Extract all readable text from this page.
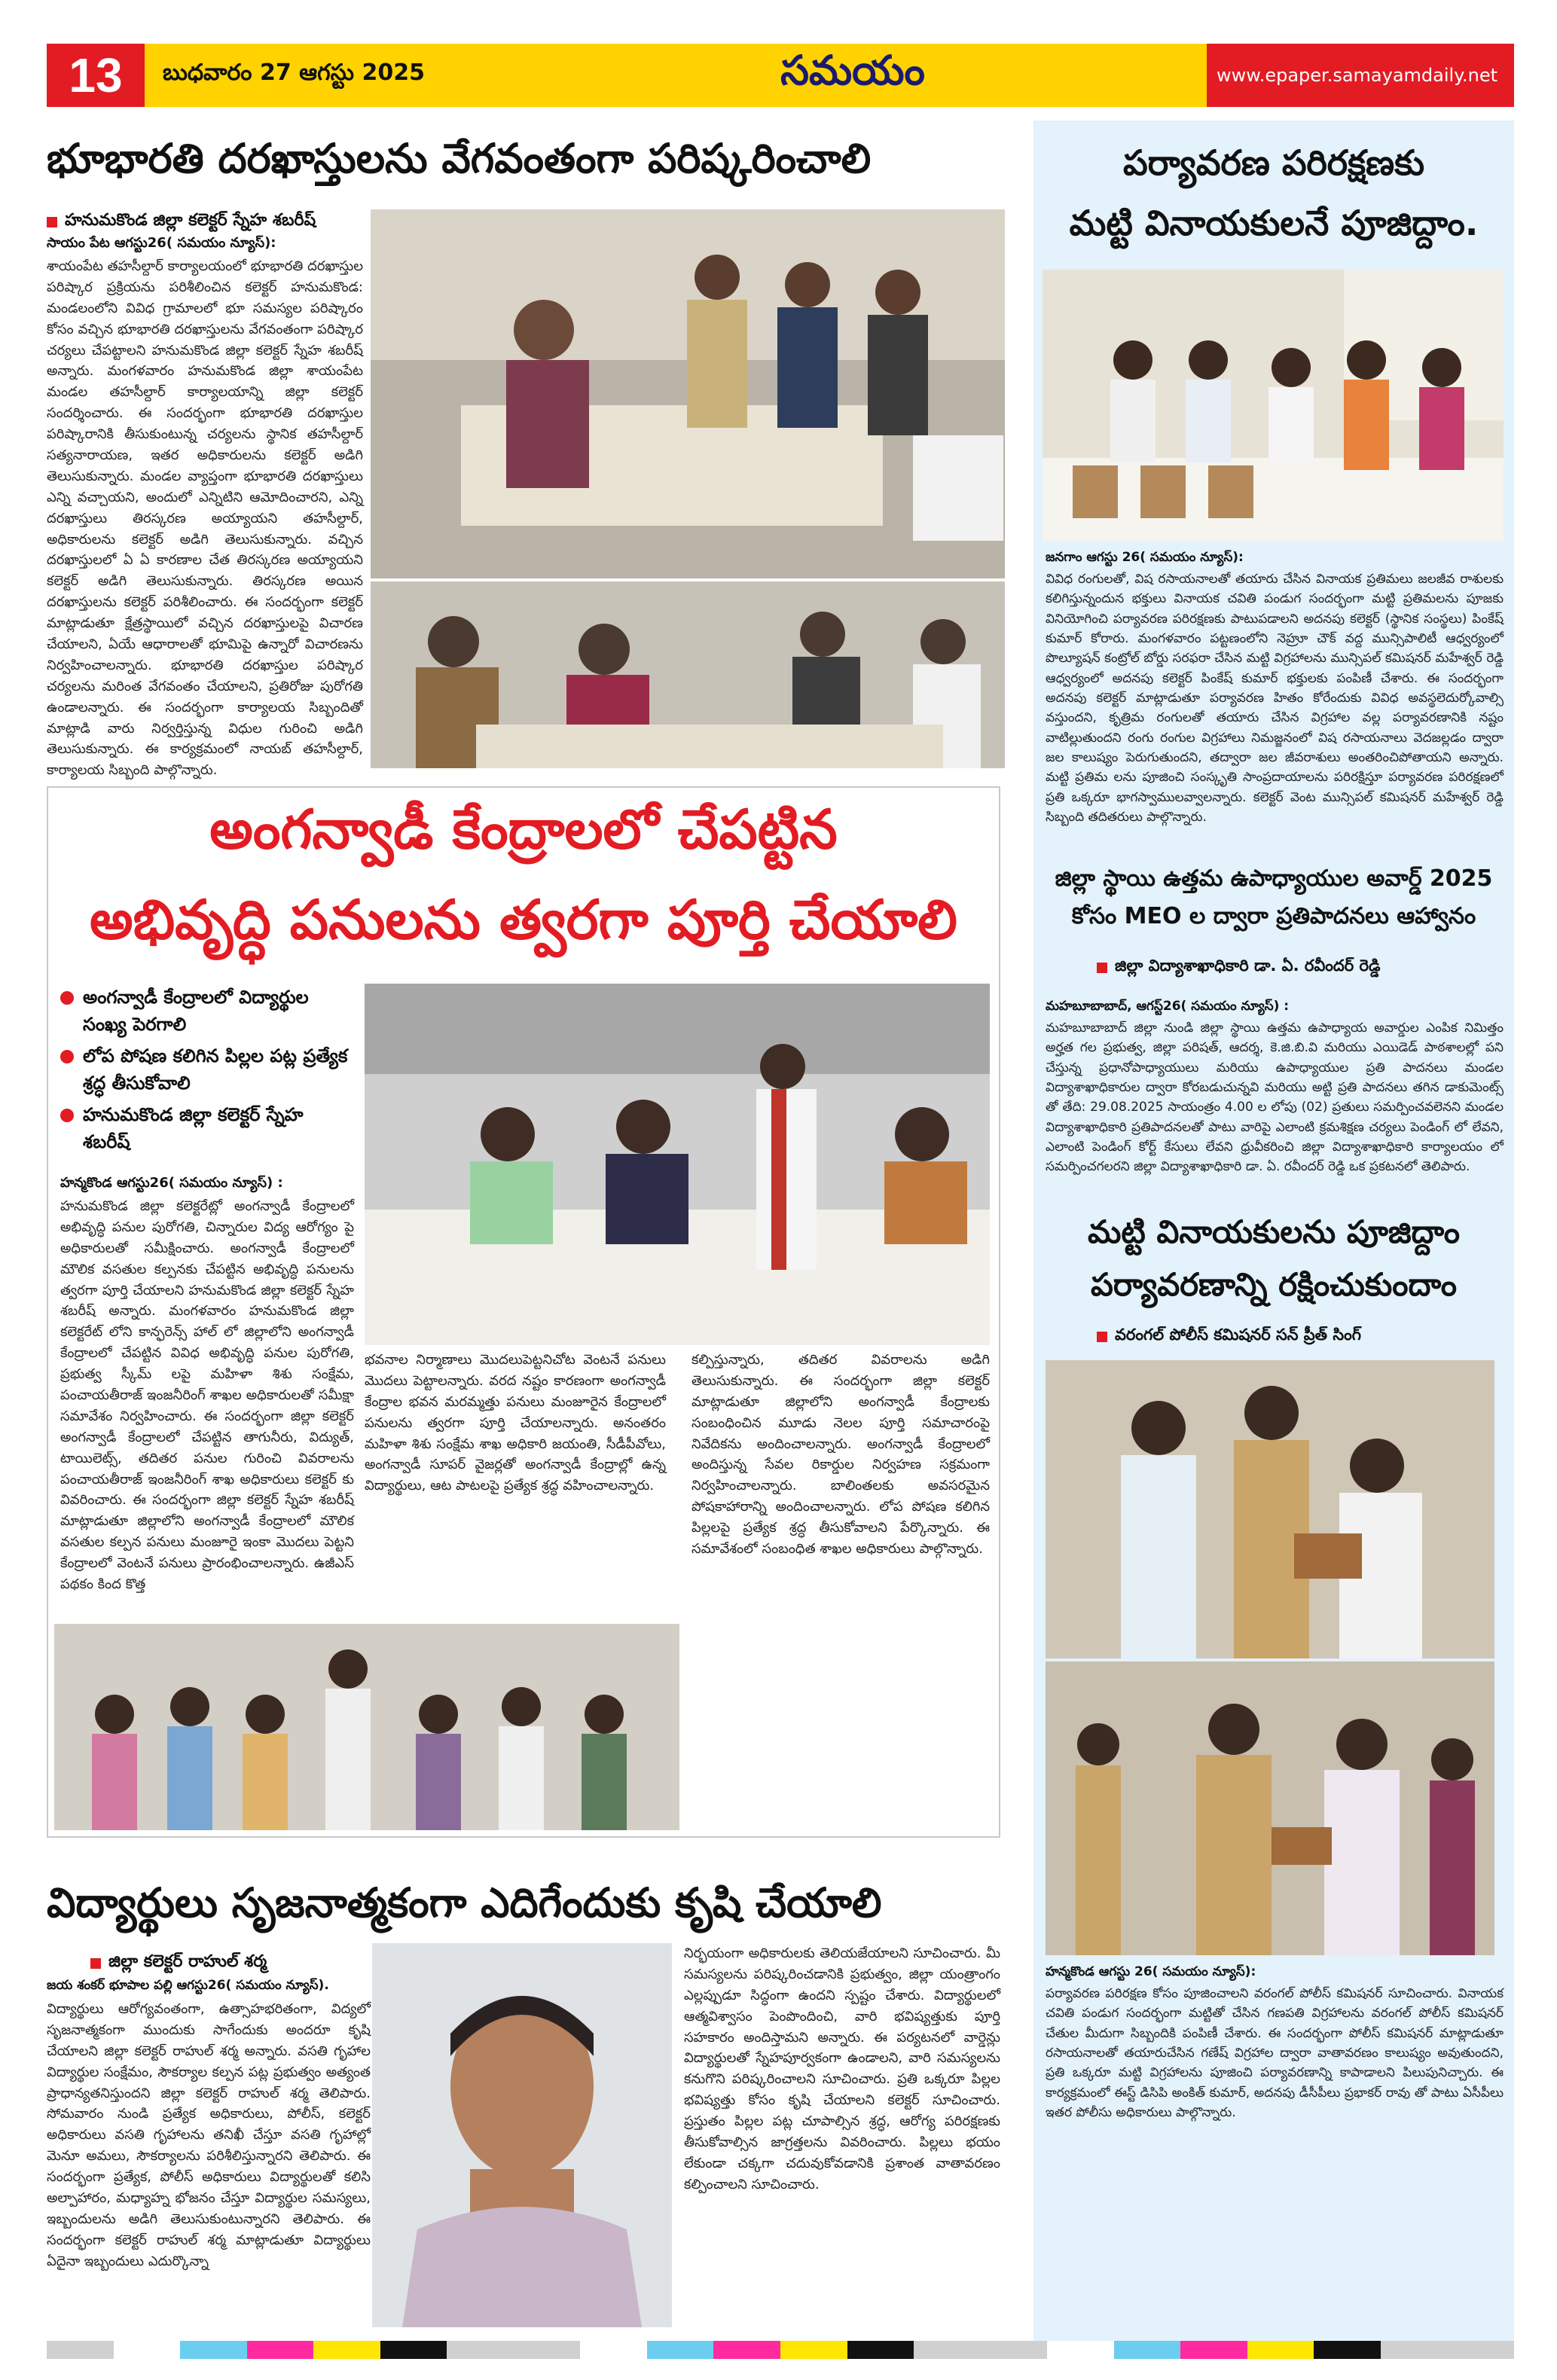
బుధవారం 27 ఆగస్టు 2025
13	సమయం	www.epaper.samayamdaily.net
భూభారతి దరఖాస్తులను వేగవంతంగా పరిష్కరించాలి
హనుమకొండ జిల్లా కలెక్టర్ స్నేహ శబరీష్
సాయం పేట ఆగస్టు26( సమయం న్యూస్):
శాయంపేట తహసీల్దార్ కార్యాలయంలో భూభారతి దరఖాస్తుల పరిష్కార ప్రక్రియను పరిశీలించిన కలెక్టర్ హనుమకొండ: మండలంలోని వివిధ గ్రామాలలో భూ సమస్యల పరిష్కారం కోసం వచ్చిన భూభారతి దరఖాస్తులను వేగవంతంగా పరిష్కార చర్యలు చేపట్టాలని హనుమకొండ జిల్లా కలెక్టర్ స్నేహ శబరీష్ అన్నారు. మంగళవారం హనుమకొండ జిల్లా శాయంపేట మండల తహసీల్దార్ కార్యాలయాన్ని జిల్లా కలెక్టర్ సందర్శించారు. ఈ సందర్భంగా భూభారతి దరఖాస్తుల పరిష్కారానికి తీసుకుంటున్న చర్యలను స్థానిక తహసీల్దార్ సత్యనారాయణ, ఇతర అధికారులను కలెక్టర్ అడిగి తెలుసుకున్నారు. మండల వ్యాప్తంగా భూభారతి దరఖాస్తులు ఎన్ని వచ్చాయని, అందులో ఎన్నిటిని ఆమోదించారని, ఎన్ని దరఖాస్తులు తిరస్కరణ అయ్యాయని తహసీల్దార్, అధికారులను కలెక్టర్ అడిగి తెలుసుకున్నారు. వచ్చిన దరఖాస్తులలో ఏ ఏ కారణాల చేత తిరస్కరణ అయ్యాయని కలెక్టర్ అడిగి తెలుసుకున్నారు. తిరస్కరణ అయిన దరఖాస్తులను కలెక్టర్ పరిశీలించారు. ఈ సందర్భంగా కలెక్టర్ మాట్లాడుతూ క్షేత్రస్థాయిలో వచ్చిన దరఖాస్తులపై విచారణ చేయాలని, ఏయే ఆధారాలతో భూమిపై ఉన్నారో విచారణను నిర్వహించాలన్నారు. భూభారతి దరఖాస్తుల పరిష్కార చర్యలను మరింత వేగవంతం చేయాలని, ప్రతిరోజు పురోగతి ఉండాలన్నారు. ఈ సందర్భంగా కార్యాలయ సిబ్బందితో మాట్లాడి వారు నిర్వర్తిస్తున్న విధుల గురించి అడిగి తెలుసుకున్నారు. ఈ కార్యక్రమంలో నాయబ్ తహసీల్దార్, కార్యాలయ సిబ్బంది పాల్గొన్నారు.
అంగన్వాడీ కేంద్రాలలో చేపట్టిన
అభివృద్ధి పనులను త్వరగా పూర్తి చేయాలి
అంగన్వాడీ కేంద్రాలలో విద్యార్థుల సంఖ్య పెరగాలి
లోప పోషణ కలిగిన పిల్లల పట్ల ప్రత్యేక శ్రద్ధ తీసుకోవాలి
హనుమకొండ జిల్లా కలెక్టర్ స్నేహ శబరీష్
హన్మకొండ ఆగస్టు26( సమయం న్యూస్) :
హనుమకొండ జిల్లా కలెక్టరేట్లో అంగన్వాడీ కేంద్రాలలో అభివృద్ధి పనుల పురోగతి, చిన్నారుల విద్య ఆరోగ్యం పై అధికారులతో సమీక్షించారు. అంగన్వాడీ కేంద్రాలలో మౌలిక వసతుల కల్పనకు చేపట్టిన అభివృద్ధి పనులను త్వరగా పూర్తి చేయాలని హనుమకొండ జిల్లా కలెక్టర్ స్నేహ శబరీష్ అన్నారు. మంగళవారం హనుమకొండ జిల్లా కలెక్టరేట్ లోని కాన్ఫరెన్స్ హాల్ లో జిల్లాలోని అంగన్వాడీ కేంద్రాలలో చేపట్టిన వివిధ అభివృద్ధి పనుల పురోగతి, ప్రభుత్వ స్కీమ్ లపై మహిళా శిశు సంక్షేమ, పంచాయతీరాజ్ ఇంజనీరింగ్ శాఖల అధికారులతో సమీక్షా సమావేశం నిర్వహించారు. ఈ సందర్భంగా జిల్లా కలెక్టర్ అంగన్వాడీ కేంద్రాలలో చేపట్టిన తాగునీరు, విద్యుత్, టాయిలెట్స్, తదితర పనుల గురించి వివరాలను పంచాయతీరాజ్ ఇంజనీరింగ్ శాఖ అధికారులు కలెక్టర్ కు వివరించారు. ఈ సందర్భంగా జిల్లా కలెక్టర్ స్నేహ శబరీష్ మాట్లాడుతూ జిల్లాలోని అంగన్వాడీ కేంద్రాలలో మౌలిక వసతుల కల్పన పనులు మంజూరై ఇంకా మొదలు పెట్టని కేంద్రాలలో వెంటనే పనులు ప్రారంభించాలన్నారు. ఉజీఎస్ పథకం కింద కొత్త
భవనాల నిర్మాణాలు మొదలుపెట్టనిచోట వెంటనే పనులు మొదలు పెట్టాలన్నారు. వరద నష్టం కారణంగా అంగన్వాడీ కేంద్రాల భవన మరమ్మత్తు పనులు మంజూరైన కేంద్రాలలో పనులను త్వరగా పూర్తి చేయాలన్నారు. అనంతరం మహిళా శిశు సంక్షేమ శాఖ అధికారి జయంతి, సీడీపీవోలు, అంగన్వాడీ సూపర్ వైజర్లతో అంగన్వాడీ కేంద్రాల్లో ఉన్న విద్యార్థులు, ఆట పాటలపై ప్రత్యేక శ్రద్ధ వహించాలన్నారు.
కల్పిస్తున్నారు, తదితర వివరాలను అడిగి తెలుసుకున్నారు. ఈ సందర్భంగా జిల్లా కలెక్టర్ మాట్లాడుతూ జిల్లాలోని అంగన్వాడీ కేంద్రాలకు సంబంధించిన మూడు నెలల పూర్తి సమాచారంపై నివేదికను అందించాలన్నారు. అంగన్వాడీ కేంద్రాలలో అందిస్తున్న సేవల రికార్డుల నిర్వహణ సక్రమంగా నిర్వహించాలన్నారు. బాలింతలకు అవసరమైన పోషకాహారాన్ని అందించాలన్నారు. లోప పోషణ కలిగిన పిల్లలపై ప్రత్యేక శ్రద్ధ తీసుకోవాలని పేర్కొన్నారు. ఈ సమావేశంలో సంబంధిత శాఖల అధికారులు పాల్గొన్నారు.
విద్యార్థులు సృజనాత్మకంగా ఎదిగేందుకు కృషి చేయాలి
జిల్లా కలెక్టర్ రాహుల్ శర్మ
జయ శంకర్ భూపాల పల్లి ఆగస్టు26( సమయం న్యూస్).
విద్యార్థులు ఆరోగ్యవంతంగా, ఉత్సాహభరితంగా, విద్యలో సృజనాత్మకంగా ముందుకు సాగేందుకు అందరూ కృషి చేయాలని జిల్లా కలెక్టర్ రాహుల్ శర్మ అన్నారు. వసతి గృహాల విద్యార్థుల సంక్షేమం, సౌకర్యాల కల్పన పట్ల ప్రభుత్వం అత్యంత ప్రాధాన్యతనిస్తుందని జిల్లా కలెక్టర్ రాహుల్ శర్మ తెలిపారు. సోమవారం నుండి ప్రత్యేక అధికారులు, పోలీస్, కలెక్టర్ అధికారులు వసతి గృహాలను తనిఖీ చేస్తూ వసతి గృహాల్లో మెనూ అమలు, సౌకర్యాలను పరిశీలిస్తున్నారని తెలిపారు. ఈ సందర్భంగా ప్రత్యేక, పోలీస్ అధికారులు విద్యార్థులతో కలిసి అల్పాహారం, మధ్యాహ్న భోజనం చేస్తూ విద్యార్థుల సమస్యలు, ఇబ్బందులను అడిగి తెలుసుకుంటున్నారని తెలిపారు. ఈ సందర్భంగా కలెక్టర్ రాహుల్ శర్మ మాట్లాడుతూ విద్యార్థులు ఏదైనా ఇబ్బందులు ఎదుర్కొన్నా
నిర్భయంగా అధికారులకు తెలియజేయాలని సూచించారు. మీ సమస్యలను పరిష్కరించడానికి ప్రభుత్వం, జిల్లా యంత్రాంగం ఎల్లప్పుడూ సిద్ధంగా ఉందని స్పష్టం చేశారు. విద్యార్థులలో ఆత్మవిశ్వాసం పెంపొందించి, వారి భవిష్యత్తుకు పూర్తి సహకారం అందిస్తామని అన్నారు. ఈ పర్యటనలో వార్డెన్లు విద్యార్థులతో స్నేహపూర్వకంగా ఉండాలని, వారి సమస్యలను కనుగొని పరిష్కరించాలని సూచించారు. ప్రతి ఒక్కరూ పిల్లల భవిష్యత్తు కోసం కృషి చేయాలని కలెక్టర్ సూచించారు. ప్రస్తుతం పిల్లల పట్ల చూపాల్సిన శ్రద్ధ, ఆరోగ్య పరిరక్షణకు తీసుకోవాల్సిన జాగ్రత్తలను వివరించారు. పిల్లలు భయం లేకుండా చక్కగా చదువుకోవడానికి ప్రశాంత వాతావరణం కల్పించాలని సూచించారు.
పర్యావరణ పరిరక్షణకు
మట్టి వినాయకులనే పూజిద్దాం.
జనగాం ఆగస్టు 26( సమయం న్యూస్):
వివిధ రంగులతో, విష రసాయనాలతో తయారు చేసిన వినాయక ప్రతిమలు జలజీవ రాశులకు కలిగిస్తున్నందున భక్తులు వినాయక చవితి పండుగ సందర్భంగా మట్టి ప్రతిమలను పూజకు వినియోగించి పర్యావరణ పరిరక్షణకు పాటుపడాలని అదనపు కలెక్టర్ (స్థానిక సంస్థలు) పింకేష్ కుమార్ కోరారు. మంగళవారం పట్టణంలోని నెహ్రూ చౌక్ వద్ద మున్సిపాలిటీ ఆధ్వర్యంలో పొల్యూషన్ కంట్రోల్ బోర్డు సరఫరా చేసిన మట్టి విగ్రహాలను మున్సిపల్ కమిషనర్ మహేశ్వర్ రెడ్డి ఆధ్వర్యంలో అదనపు కలెక్టర్ పింకేష్ కుమార్ భక్తులకు పంపిణీ చేశారు. ఈ సందర్భంగా అదనపు కలెక్టర్ మాట్లాడుతూ పర్యావరణ హితం కోరేందుకు వివిధ అవస్థలెదుర్కోవాల్సి వస్తుందని, కృత్రిమ రంగులతో తయారు చేసిన విగ్రహాల వల్ల పర్యావరణానికి నష్టం వాటిల్లుతుందని రంగు రంగుల విగ్రహాలు నిమజ్జనంలో విష రసాయనాలు వెదజల్లడం ద్వారా జల కాలుష్యం పెరుగుతుందని, తద్వారా జల జీవరాశులు అంతరించిపోతాయని అన్నారు. మట్టి ప్రతిమ లను పూజించి సంస్కృతి సాంప్రదాయాలను పరిరక్షిస్తూ పర్యావరణ పరిరక్షణలో ప్రతి ఒక్కరూ భాగస్వాములవ్వాలన్నారు. కలెక్టర్ వెంట మున్సిపల్ కమిషనర్ మహేశ్వర్ రెడ్డి సిబ్బంది తదితరులు పాల్గొన్నారు.
జిల్లా స్థాయి ఉత్తమ ఉపాధ్యాయుల అవార్డ్ 2025
కోసం MEO ల ద్వారా ప్రతిపాదనలు ఆహ్వానం
జిల్లా విద్యాశాఖాధికారి డా. ఏ. రవీందర్ రెడ్డి
మహబూబాబాద్, ఆగస్ట్26( సమయం న్యూస్) :
మహబూబాబాద్ జిల్లా నుండి జిల్లా స్థాయి ఉత్తమ ఉపాధ్యాయ అవార్డుల ఎంపిక నిమిత్తం అర్హత గల ప్రభుత్వ, జిల్లా పరిషత్, ఆదర్శ, కె.జి.బి.వి మరియు ఎయిడెడ్ పాఠశాలల్లో పని చేస్తున్న ప్రధానోపాధ్యాయులు మరియు ఉపాధ్యాయుల ప్రతి పాదనలు మండల విద్యాశాఖాధికారుల ద్వారా కోరబడుచున్నవి మరియు అట్టి ప్రతి పాదనలు తగిన డాకుమెంట్స్ తో తేది: 29.08.2025 సాయంత్రం 4.00 ల లోపు (02) ప్రతులు సమర్పించవలెనని మండల విద్యాశాఖాధికారి ప్రతిపాదనలతో పాటు వారిపై ఎలాంటి క్రమశిక్షణ చర్యలు పెండింగ్ లో లేవని, ఎలాంటి పెండింగ్ కోర్ట్ కేసులు లేవని ధ్రువీకరించి జిల్లా విద్యాశాఖాధికారి కార్యాలయం లో సమర్పించగలరని జిల్లా విద్యాశాఖాధికారి డా. ఏ. రవీందర్ రెడ్డి ఒక ప్రకటనలో తెలిపారు.
మట్టి వినాయకులను పూజిద్దాం
పర్యావరణాన్ని రక్షించుకుందాం
వరంగల్ పోలీస్ కమిషనర్ సన్ ప్రీత్ సింగ్
హన్మకొండ ఆగస్టు 26( సమయం న్యూస్):
పర్యావరణ పరిరక్షణ కోసం పూజించాలని వరంగల్ పోలీస్ కమిషనర్ సూచించారు. వినాయక చవితి పండుగ సందర్భంగా మట్టితో చేసిన గణపతి విగ్రహాలను వరంగల్ పోలీస్ కమిషనర్ చేతుల మీదుగా సిబ్బందికి పంపిణీ చేశారు. ఈ సందర్భంగా పోలీస్ కమిషనర్ మాట్లాడుతూ రసాయనాలతో తయారుచేసిన గణేష్ విగ్రహాల ద్వారా వాతావరణం కాలుష్యం అవుతుందని, ప్రతి ఒక్కరూ మట్టి విగ్రహాలను పూజించి పర్యావరణాన్ని కాపాడాలని పిలుపునిచ్చారు. ఈ కార్యక్రమంలో ఈస్ట్ డిసిపి అంకిత్ కుమార్, అదనపు డీసీపీలు ప్రభాకర్ రావు తో పాటు ఏసీపీలు ఇతర పోలీసు అధికారులు పాల్గొన్నారు.
